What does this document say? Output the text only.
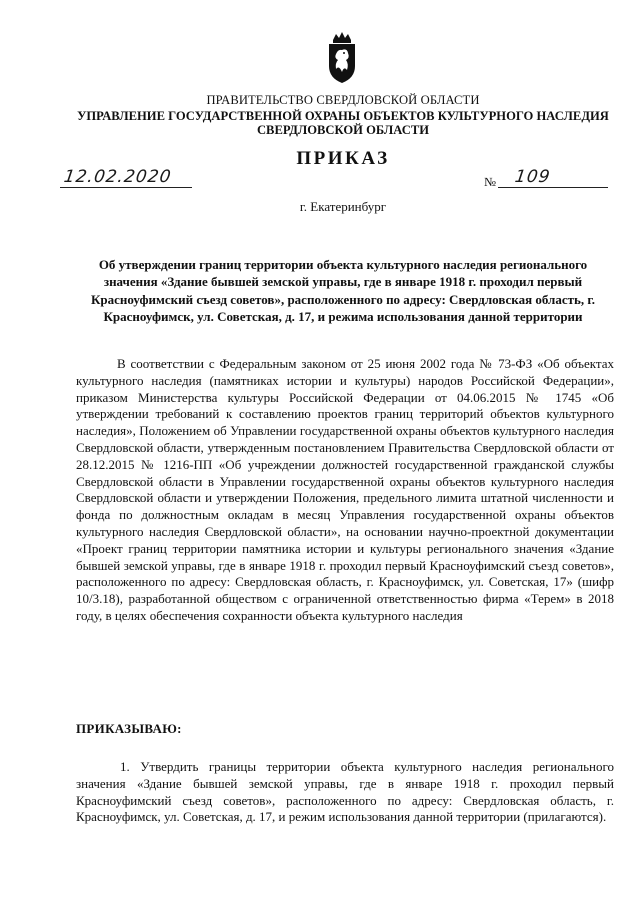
ПРАВИТЕЛЬСТВО СВЕРДЛОВСКОЙ ОБЛАСТИ
УПРАВЛЕНИЕ ГОСУДАРСТВЕННОЙ ОХРАНЫ ОБЪЕКТОВ КУЛЬТУРНОГО НАСЛЕДИЯ
СВЕРДЛОВСКОЙ ОБЛАСТИ
ПРИКАЗ
12.02.2020	№ 109
г. Екатеринбург
Об утверждении границ территории объекта культурного наследия регионального значения «Здание бывшей земской управы, где в январе 1918 г. проходил первый Красноуфимский съезд советов», расположенного по адресу: Свердловская область, г. Красноуфимск, ул. Советская, д. 17, и режима использования данной территории
В соответствии с Федеральным законом от 25 июня 2002 года № 73-ФЗ «Об объектах культурного наследия (памятниках истории и культуры) народов Российской Федерации», приказом Министерства культуры Российской Федерации от 04.06.2015 № 1745 «Об утверждении требований к составлению проектов границ территорий объектов культурного наследия», Положением об Управлении государственной охраны объектов культурного наследия Свердловской области, утвержденным постановлением Правительства Свердловской области от 28.12.2015 № 1216-ПП «Об учреждении должностей государственной гражданской службы Свердловской области в Управлении государственной охраны объектов культурного наследия Свердловской области и утверждении Положения, предельного лимита штатной численности и фонда по должностным окладам в месяц Управления государственной охраны объектов культурного наследия Свердловской области», на основании научно-проектной документации «Проект границ территории памятника истории и культуры регионального значения «Здание бывшей земской управы, где в январе 1918 г. проходил первый Красноуфимский съезд советов», расположенного по адресу: Свердловская область, г. Красноуфимск, ул. Советская, 17» (шифр 10/3.18), разработанной обществом с ограниченной ответственностью фирма «Терем» в 2018 году, в целях обеспечения сохранности объекта культурного наследия
ПРИКАЗЫВАЮ:
1. Утвердить границы территории объекта культурного наследия регионального значения «Здание бывшей земской управы, где в январе 1918 г. проходил первый Красноуфимский съезд советов», расположенного по адресу: Свердловская область, г. Красноуфимск, ул. Советская, д. 17, и режим использования данной территории (прилагаются).
